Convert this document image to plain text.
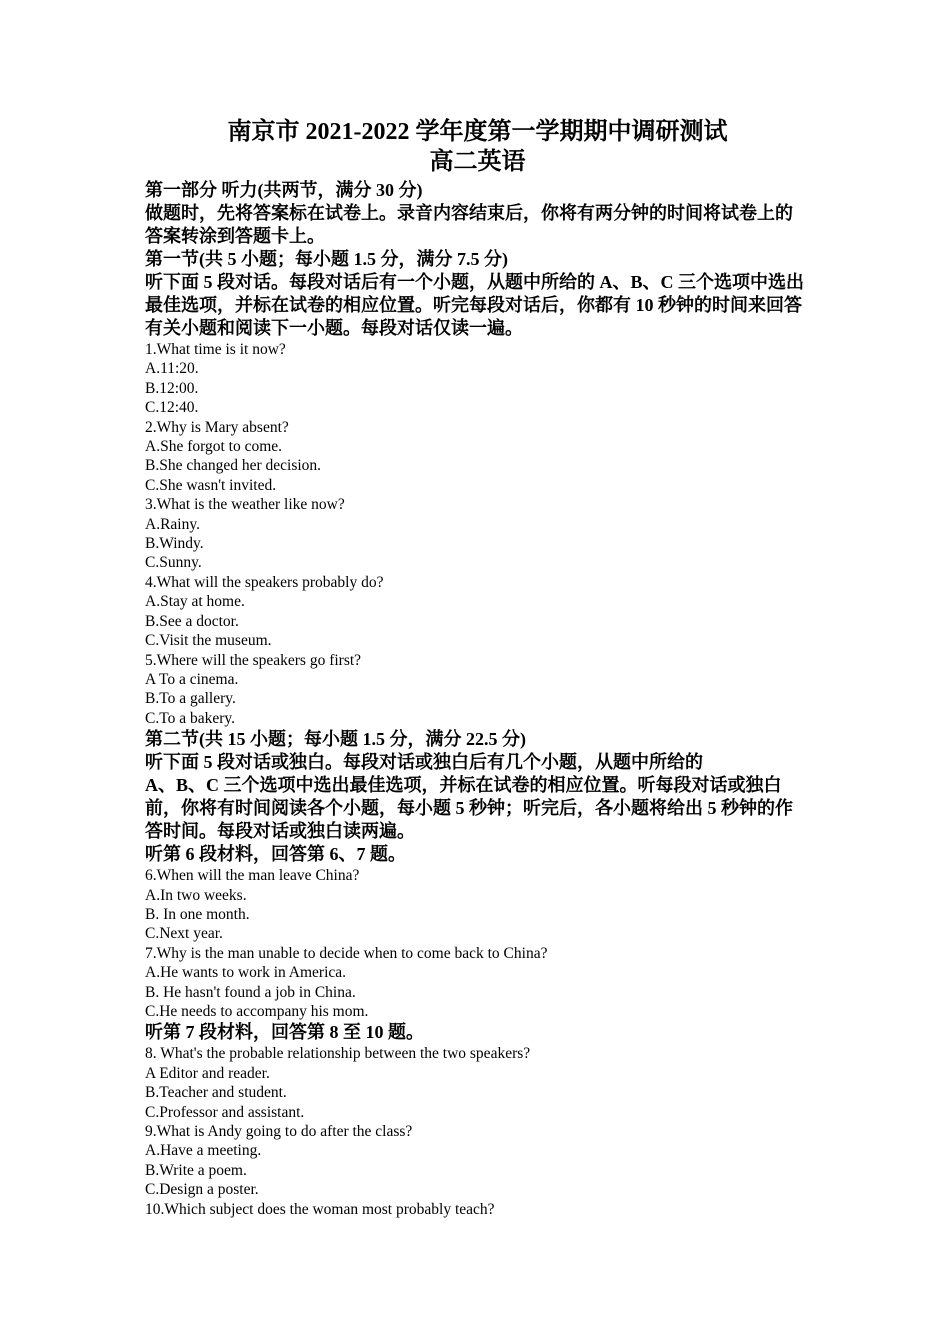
南京市 2021-2022 学年度第一学期期中调研测试

高二英语

第一部分 听力(共两节，满分 30 分)

做题时，先将答案标在试卷上。录音内容结束后，你将有两分钟的时间将试卷上的答案转涂到答题卡上。

第一节(共 5 小题；每小题 1.5 分，满分 7.5 分)

听下面 5 段对话。每段对话后有一个小题，从题中所给的 A、B、C 三个选项中选出最佳选项，并标在试卷的相应位置。听完每段对话后，你都有 10 秒钟的时间来回答有关小题和阅读下一小题。每段对话仅读一遍。

1.What time is it now?

A.11:20.

B.12:00.

C.12:40.

2.Why is Mary absent?

A.She forgot to come.

B.She changed her decision.

C.She wasn't invited.

3.What is the weather like now?

A.Rainy.

B.Windy.

C.Sunny.

4.What will the speakers probably do?

A.Stay at home.

B.See a doctor.

C.Visit the museum.

5.Where will the speakers go first?

A To a cinema.

B.To a gallery.

C.To a bakery.

第二节(共 15 小题；每小题 1.5 分，满分 22.5 分)

听下面 5 段对话或独白。每段对话或独白后有几个小题，从题中所给的

A、B、C 三个选项中选出最佳选项，并标在试卷的相应位置。听每段对话或独白前，你将有时间阅读各个小题，每小题 5 秒钟；听完后，各小题将给出 5 秒钟的作答时间。每段对话或独白读两遍。

听第 6 段材料，回答第 6、7 题。

6.When will the man leave China?

A.In two weeks.

B. In one month.

C.Next year.

7.Why is the man unable to decide when to come back to China?

A.He wants to work in America.

B. He hasn't found a job in China.

C.He needs to accompany his mom.

听第 7 段材料，回答第 8 至 10 题。

8. What's the probable relationship between the two speakers?

A Editor and reader.

B.Teacher and student.

C.Professor and assistant.

9.What is Andy going to do after the class?

A.Have a meeting.

B.Write a poem.

C.Design a poster.

10.Which subject does the woman most probably teach?
